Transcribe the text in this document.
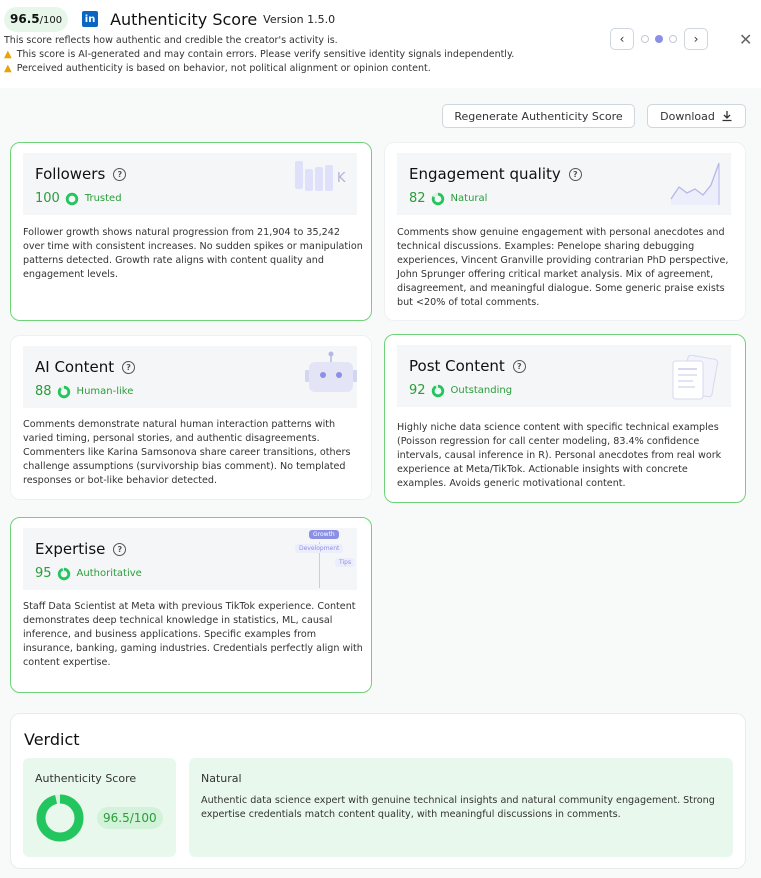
96.5 /100 in Authenticity Score Version 1.5.0
This score reflects how authentic and credible the creator's activity is.
▲ This score is AI-generated and may contain errors. Please verify sensitive identity signals independently.
▲ Perceived authenticity is based on behavior, not political alignment or opinion content.
‹	›	✕
Regenerate Authenticity Score	Download
Followers	?
100	Trusted
K
Follower growth shows natural progression from 21,904 to 35,242 over time with consistent increases. No sudden spikes or manipulation patterns detected. Growth rate aligns with content quality and engagement levels.
Engagement quality	?
82	Natural
Comments show genuine engagement with personal anecdotes and technical discussions. Examples: Penelope sharing debugging experiences, Vincent Granville providing contrarian PhD perspective, John Sprunger offering critical market analysis. Mix of agreement, disagreement, and meaningful dialogue. Some generic praise exists but <20% of total comments.
AI Content	?
88	Human-like
Comments demonstrate natural human interaction patterns with varied timing, personal stories, and authentic disagreements. Commenters like Karina Samsonova share career transitions, others challenge assumptions (survivorship bias comment). No templated responses or bot-like behavior detected.
Post Content	?
92	Outstanding
Highly niche data science content with specific technical examples (Poisson regression for call center modeling, 83.4% confidence intervals, causal inference in R). Personal anecdotes from real work experience at Meta/TikTok. Actionable insights with concrete examples. Avoids generic motivational content.
Expertise	?
95	Authoritative
Growth
Development
Tips
Staff Data Scientist at Meta with previous TikTok experience. Content demonstrates deep technical knowledge in statistics, ML, causal inference, and business applications. Specific examples from insurance, banking, gaming industries. Credentials perfectly align with content expertise.
Verdict
Authenticity Score
96.5/100
Natural
Authentic data science expert with genuine technical insights and natural community engagement. Strong expertise credentials match content quality, with meaningful discussions in comments.
